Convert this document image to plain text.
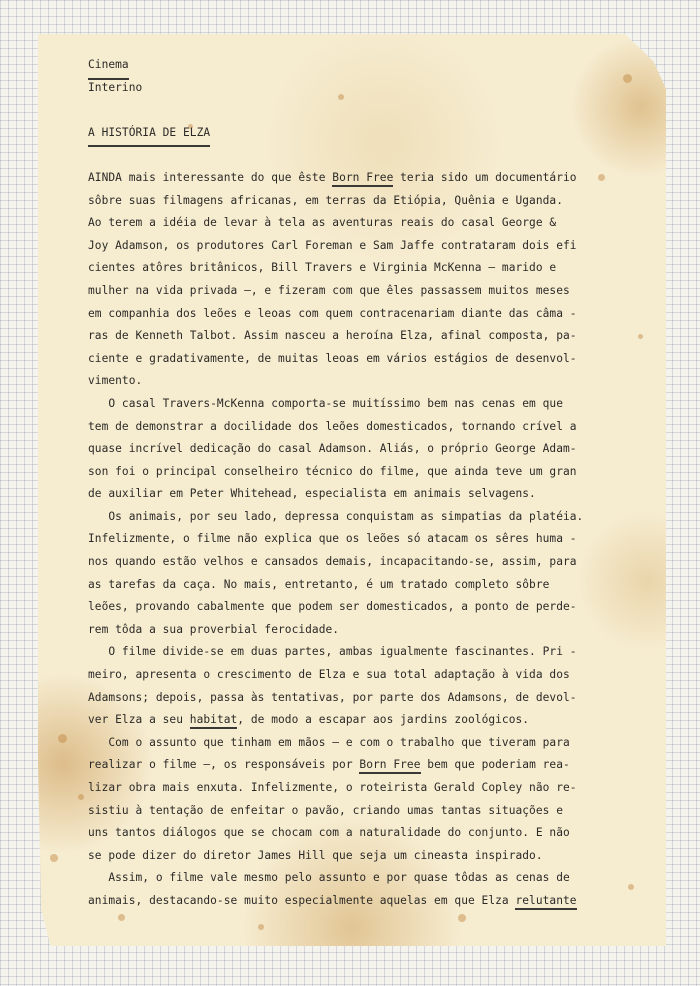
Cinema
Interino

A HISTÓRIA DE ELZA

AINDA mais interessante do que êste Born Free teria sido um documentário
sôbre suas filmagens africanas, em terras da Etiópia, Quênia e Uganda.
Ao terem a idéia de levar à tela as aventuras reais do casal George &
Joy Adamson, os produtores Carl Foreman e Sam Jaffe contrataram dois efi
cientes atôres britânicos, Bill Travers e Virginia McKenna — marido e
mulher na vida privada —, e fizeram com que êles passassem muitos meses
em companhia dos leões e leoas com quem contracenariam diante das câma -
ras de Kenneth Talbot. Assim nasceu a heroína Elza, afinal composta, pa-
ciente e gradativamente, de muitas leoas em vários estágios de desenvol-
vimento.
O casal Travers-McKenna comporta-se muitíssimo bem nas cenas em que
tem de demonstrar a docilidade dos leões domesticados, tornando crível a
quase incrível dedicação do casal Adamson. Aliás, o próprio George Adam-
son foi o principal conselheiro técnico do filme, que ainda teve um gran
de auxiliar em Peter Whitehead, especialista em animais selvagens.
Os animais, por seu lado, depressa conquistam as simpatias da platéia.
Infelizmente, o filme não explica que os leões só atacam os sêres huma -
nos quando estão velhos e cansados demais, incapacitando-se, assim, para
as tarefas da caça. No mais, entretanto, é um tratado completo sôbre
leões, provando cabalmente que podem ser domesticados, a ponto de perde-
rem tôda a sua proverbial ferocidade.
O filme divide-se em duas partes, ambas igualmente fascinantes. Pri -
meiro, apresenta o crescimento de Elza e sua total adaptação à vida dos
Adamsons; depois, passa às tentativas, por parte dos Adamsons, de devol-
ver Elza a seu habitat, de modo a escapar aos jardins zoológicos.
Com o assunto que tinham em mãos — e com o trabalho que tiveram para
realizar o filme —, os responsáveis por Born Free bem que poderiam rea-
lizar obra mais enxuta. Infelizmente, o roteirista Gerald Copley não re-
sistiu à tentação de enfeitar o pavão, criando umas tantas situações e
uns tantos diálogos que se chocam com a naturalidade do conjunto. E não
se pode dizer do diretor James Hill que seja um cineasta inspirado.
Assim, o filme vale mesmo pelo assunto e por quase tôdas as cenas de
animais, destacando-se muito especialmente aquelas em que Elza relutante
